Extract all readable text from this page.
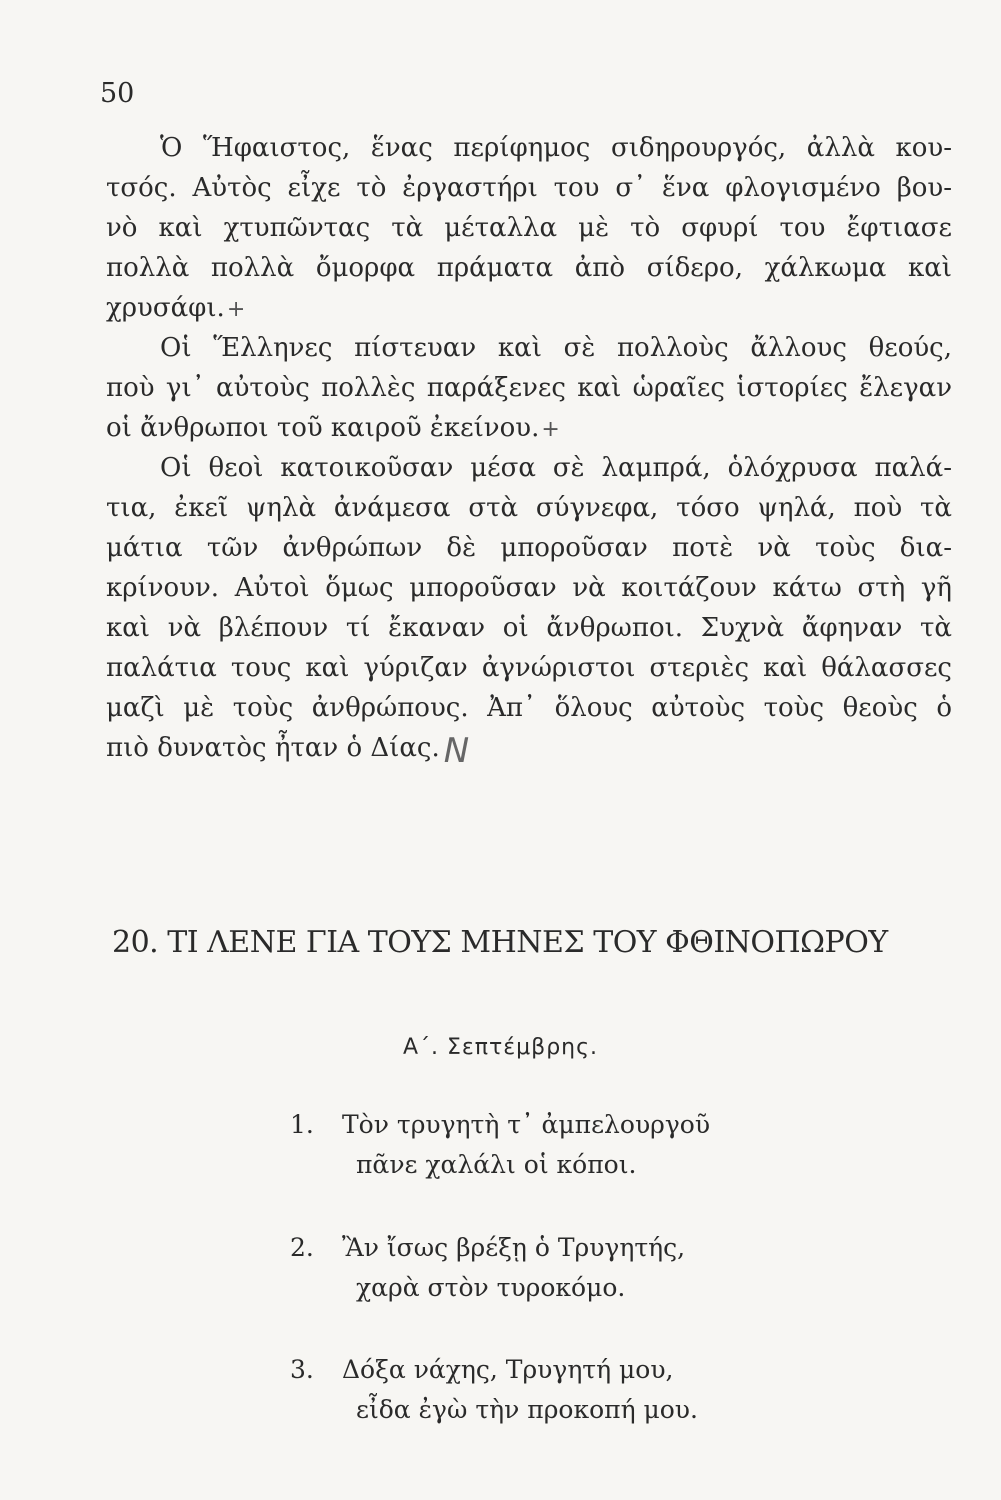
50
Ὁ Ἥφαιστος, ἕνας περίφημος σιδηρουργός, ἀλλὰ κου-
τσός. Αὐτὸς εἶχε τὸ ἐργαστήρι του σ᾽ ἕνα φλογισμένο βου-
νὸ καὶ χτυπῶντας τὰ μέταλλα μὲ τὸ σφυρί του ἔφτιασε
πολλὰ πολλὰ ὄμορφα πράματα ἀπὸ σίδερο, χάλκωμα καὶ
χρυσάφι.+
Οἱ Ἕλληνες πίστευαν καὶ σὲ πολλοὺς ἄλλους θεούς,
ποὺ γι᾽ αὐτοὺς πολλὲς παράξενες καὶ ὡραῖες ἱστορίες ἔλεγαν
οἱ ἄνθρωποι τοῦ καιροῦ ἐκείνου.+
Οἱ θεοὶ κατοικοῦσαν μέσα σὲ λαμπρά, ὁλόχρυσα παλά-
τια, ἐκεῖ ψηλὰ ἀνάμεσα στὰ σύγνεφα, τόσο ψηλά, ποὺ τὰ
μάτια τῶν ἀνθρώπων δὲ μποροῦσαν ποτὲ νὰ τοὺς δια-
κρίνουν. Αὐτοὶ ὅμως μποροῦσαν νὰ κοιτάζουν κάτω στὴ γῆ
καὶ νὰ βλέπουν τί ἔκαναν οἱ ἄνθρωποι. Συχνὰ ἄφηναν τὰ
παλάτια τους καὶ γύριζαν ἀγνώριστοι στεριὲς καὶ θάλασσες
μαζὶ μὲ τοὺς ἀνθρώπους. Ἀπ᾽ ὅλους αὐτοὺς τοὺς θεοὺς ὁ
πιὸ δυνατὸς ἦταν ὁ Δίας. N
20. ΤΙ ΛΕΝΕ ΓΙΑ ΤΟΥΣ ΜΗΝΕΣ ΤΟΥ ΦΘΙΝΟΠΩΡΟΥ
Α΄. Σεπτέμβρης.
1. Τὸν τρυγητὴ τ᾽ ἀμπελουργοῦ
πᾶνε χαλάλι οἱ κόποι.
2. Ἂν ἴσως βρέξῃ ὁ Τρυγητής,
χαρὰ στὸν τυροκόμο.
3. Δόξα νάχης, Τρυγητή μου,
εἶδα ἐγὼ τὴν προκοπή μου.
